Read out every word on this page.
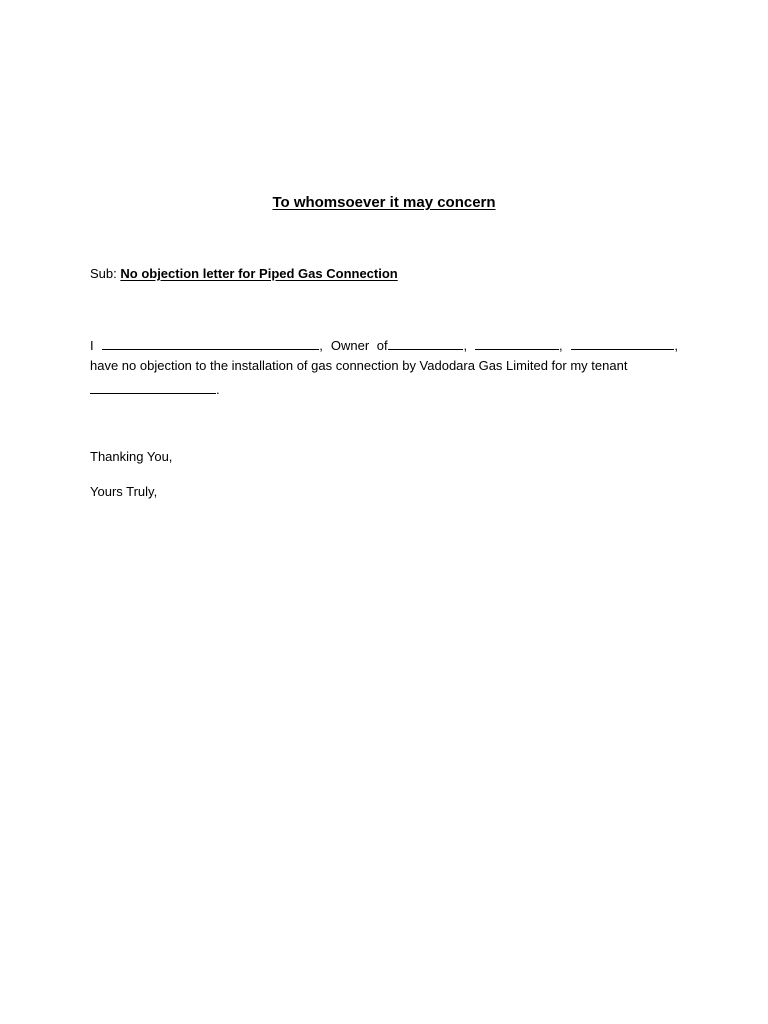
To whomsoever it may concern
Sub: No objection letter for Piped Gas Connection
I	, Owner of	,	,	,
have no objection to the installation of gas connection by Vadodara Gas Limited for my tenant
.
Thanking You,
Yours Truly,
